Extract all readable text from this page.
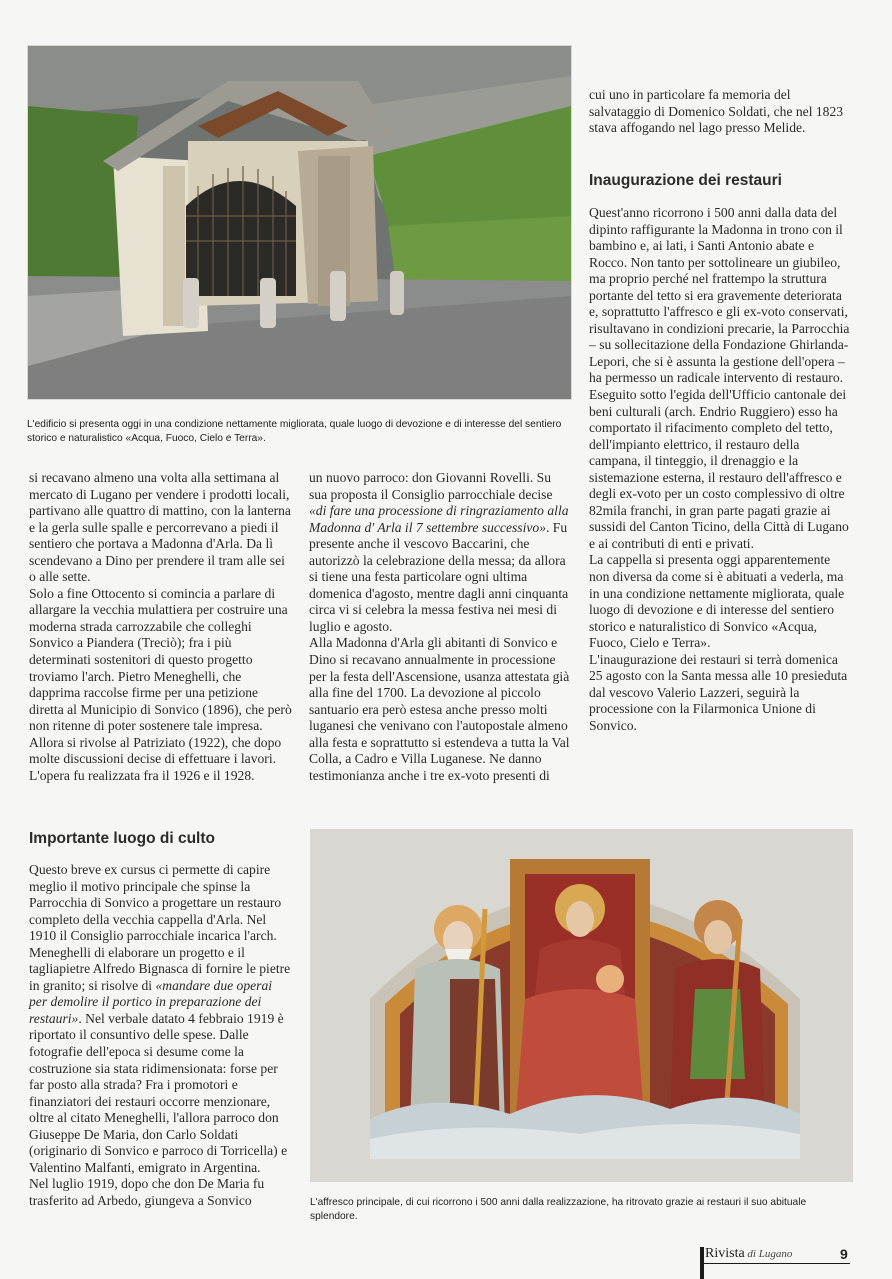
L'edificio si presenta oggi in una condizione nettamente migliorata, quale luogo di devozione e di interesse del sentiero storico e naturalistico «Acqua, Fuoco, Cielo e Terra».

cui uno in particolare fa memoria del salvataggio di Domenico Soldati, che nel 1823 stava affogando nel lago presso Melide.

Inaugurazione dei restauri

Quest'anno ricorrono i 500 anni dalla data del dipinto raffigurante la Madonna in trono con il bambino e, ai lati, i Santi Antonio abate e Rocco. Non tanto per sottolineare un giubileo, ma proprio perché nel frattempo la struttura portante del tetto si era gravemente deteriorata e, soprattutto l'affresco e gli ex-voto conservati, risultavano in condizioni precarie, la Parrocchia – su sollecitazione della Fondazione Ghirlanda-Lepori, che si è assunta la gestione dell'opera – ha permesso un radicale intervento di restauro.

Eseguito sotto l'egida dell'Ufficio cantonale dei beni culturali (arch. Endrio Ruggiero) esso ha comportato il rifacimento completo del tetto, dell'impianto elettrico, il restauro della campana, il tinteggio, il drenaggio e la sistemazione esterna, il restauro dell'affresco e degli ex-voto per un costo complessivo di oltre 82mila franchi, in gran parte pagati grazie ai sussidi del Canton Ticino, della Città di Lugano e ai contributi di enti e privati.

La cappella si presenta oggi apparentemente non diversa da come si è abituati a vederla, ma in una condizione nettamente migliorata, quale luogo di devozione e di interesse del sentiero storico e naturalistico di Sonvico «Acqua, Fuoco, Cielo e Terra».

L'inaugurazione dei restauri si terrà domenica 25 agosto con la Santa messa alle 10 presieduta dal vescovo Valerio Lazzeri, seguirà la processione con la Filarmonica Unione di Sonvico.

si recavano almeno una volta alla settimana al mercato di Lugano per vendere i prodotti locali, partivano alle quattro di mattino, con la lanterna e la gerla sulle spalle e percorrevano a piedi il sentiero che portava a Madonna d'Arla. Da lì scendevano a Dino per prendere il tram alle sei o alle sette.

Solo a fine Ottocento si comincia a parlare di allargare la vecchia mulattiera per costruire una moderna strada carrozzabile che colleghi Sonvico a Piandera (Treciò); fra i più determinati sostenitori di questo progetto troviamo l'arch. Pietro Meneghelli, che dapprima raccolse firme per una petizione diretta al Municipio di Sonvico (1896), che però non ritenne di poter sostenere tale impresa. Allora si rivolse al Patriziato (1922), che dopo molte discussioni decise di effettuare i lavori. L'opera fu realizzata fra il 1926 e il 1928.

un nuovo parroco: don Giovanni Rovelli. Su sua proposta il Consiglio parrocchiale decise «di fare una processione di ringraziamento alla Madonna d' Arla il 7 settembre successivo». Fu presente anche il vescovo Baccarini, che autorizzò la celebrazione della messa; da allora si tiene una festa particolare ogni ultima domenica d'agosto, mentre dagli anni cinquanta circa vi si celebra la messa festiva nei mesi di luglio e agosto.

Alla Madonna d'Arla gli abitanti di Sonvico e Dino si recavano annualmente in processione per la festa dell'Ascensione, usanza attestata già alla fine del 1700. La devozione al piccolo santuario era però estesa anche presso molti luganesi che venivano con l'autopostale almeno alla festa e soprattutto si estendeva a tutta la Val Colla, a Cadro e Villa Luganese. Ne danno testimonianza anche i tre ex-voto presenti di

Importante luogo di culto

Questo breve ex cursus ci permette di capire meglio il motivo principale che spinse la Parrocchia di Sonvico a progettare un restauro completo della vecchia cappella d'Arla. Nel 1910 il Consiglio parrocchiale incarica l'arch. Meneghelli di elaborare un progetto e il tagliapietre Alfredo Bignasca di fornire le pietre in granito; si risolve di «mandare due operai per demolire il portico in preparazione dei restauri». Nel verbale datato 4 febbraio 1919 è riportato il consuntivo delle spese. Dalle fotografie dell'epoca si desume come la costruzione sia stata ridimensionata: forse per far posto alla strada? Fra i promotori e finanziatori dei restauri occorre menzionare, oltre al citato Meneghelli, l'allora parroco don Giuseppe De Maria, don Carlo Soldati (originario di Sonvico e parroco di Torricella) e Valentino Malfanti, emigrato in Argentina.

Nel luglio 1919, dopo che don De Maria fu trasferito ad Arbedo, giungeva a Sonvico	L'affresco principale, di cui ricorrono i 500 anni dalla realizzazione, ha ritrovato grazie ai restauri il suo abituale splendore.
Rivista di Lugano	9
